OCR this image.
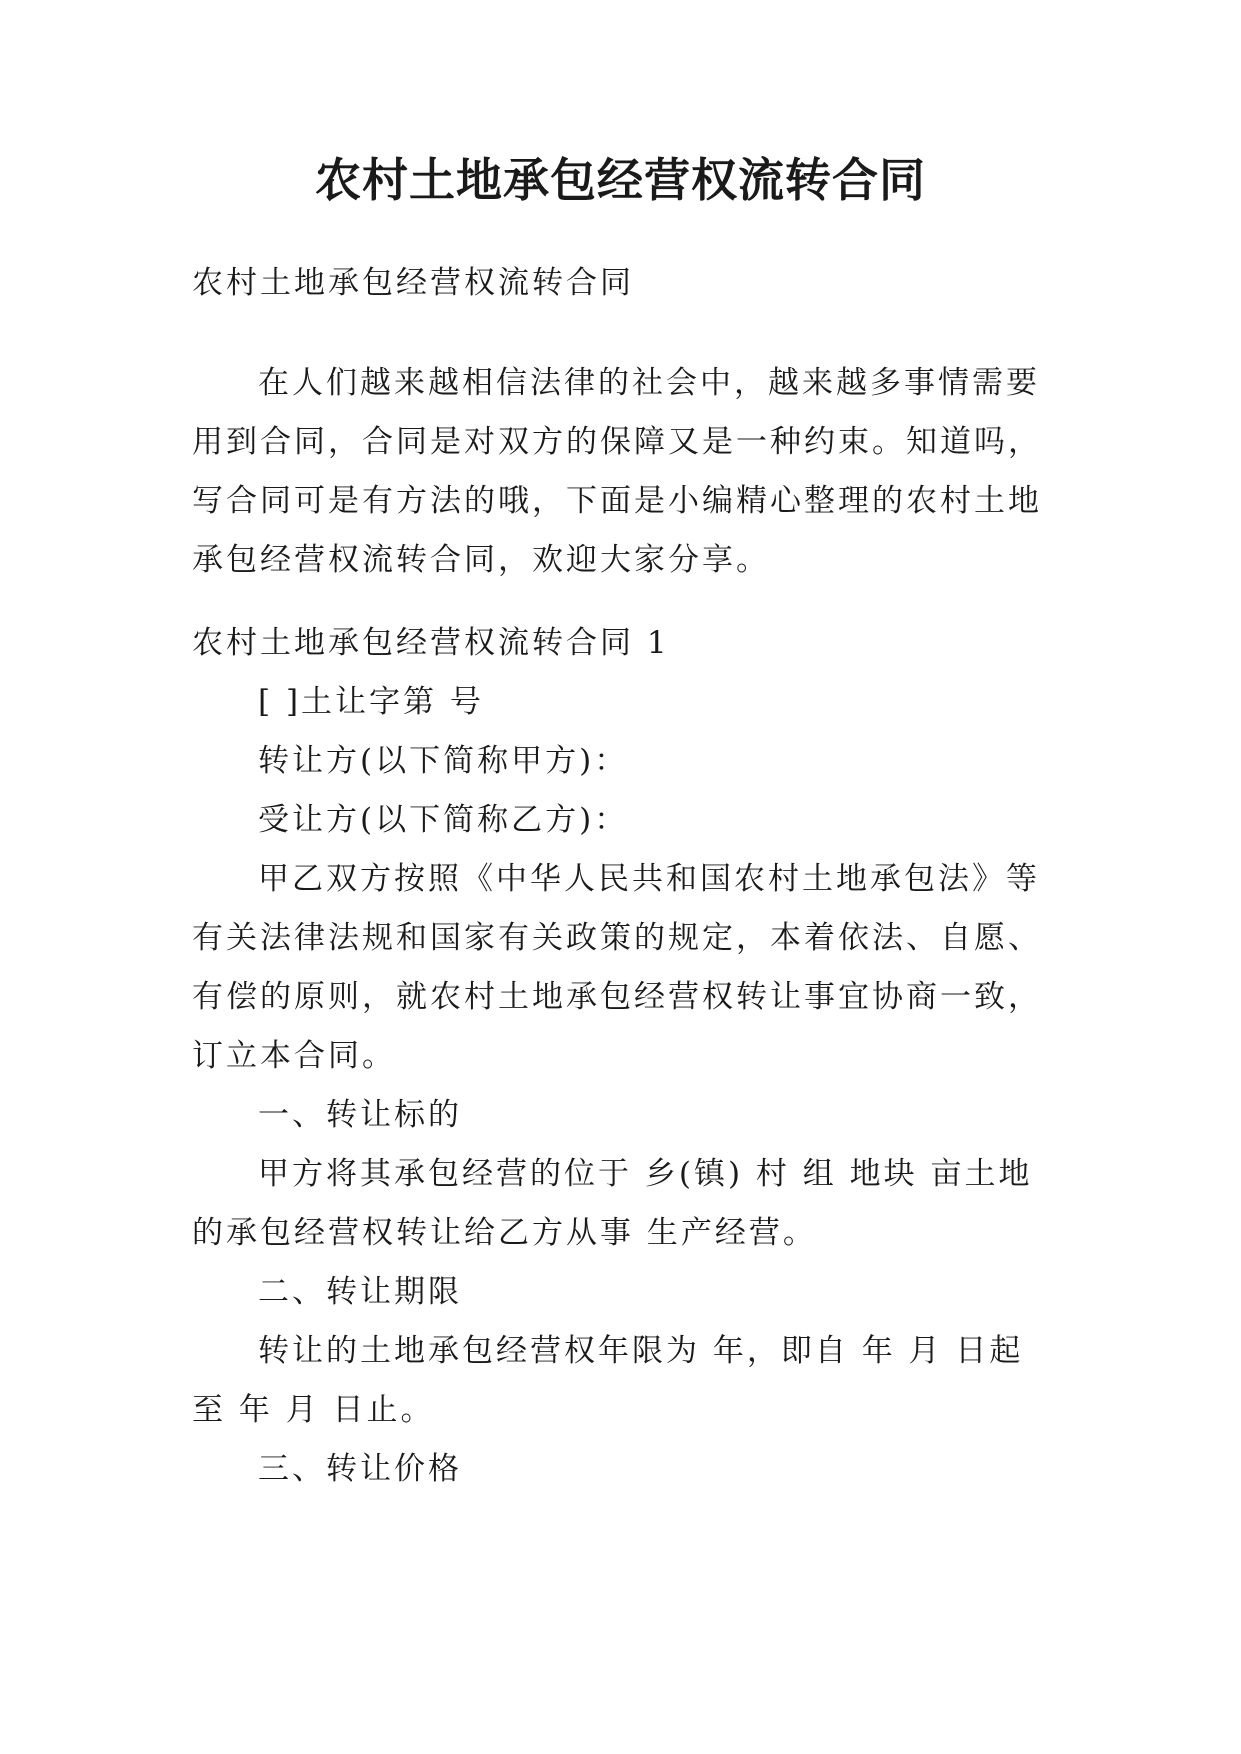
农村土地承包经营权流转合同

农村土地承包经营权流转合同

在人们越来越相信法律的社会中，越来越多事情需要用到合同，合同是对双方的保障又是一种约束。知道吗，写合同可是有方法的哦，下面是小编精心整理的农村土地承包经营权流转合同，欢迎大家分享。

农村土地承包经营权流转合同 1

[ ]土让字第 号

转让方(以下简称甲方)：

受让方(以下简称乙方)：

甲乙双方按照《中华人民共和国农村土地承包法》等有关法律法规和国家有关政策的规定，本着依法、自愿、有偿的原则，就农村土地承包经营权转让事宜协商一致，订立本合同。

一、转让标的

甲方将其承包经营的位于 乡(镇) 村 组 地块 亩土地的承包经营权转让给乙方从事 生产经营。

二、转让期限

转让的土地承包经营权年限为 年，即自 年 月 日起至 年 月 日止。

三、转让价格
